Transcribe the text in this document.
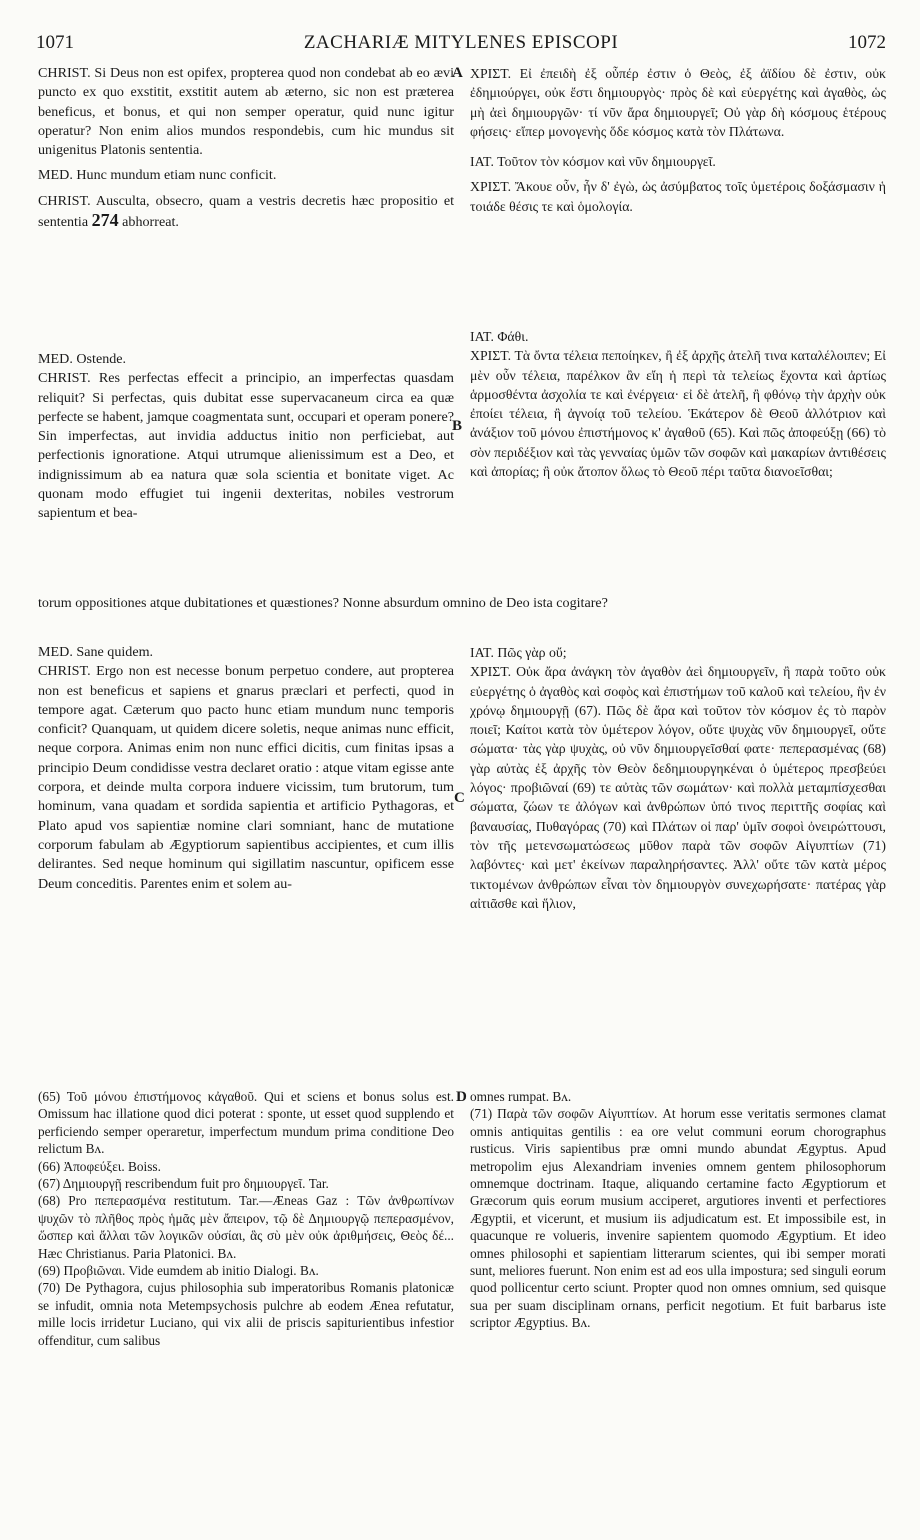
1071	ZACHARIÆ MITYLENES EPISCOPI	1072
A
B
C
D

CHRIST. Si Deus non est opifex, propterea quod non condebat ab eo ævi puncto ex quo exstitit, exstitit autem ab æterno, sic non est præterea beneficus, et bonus, et qui non semper operatur, quid nunc igitur operatur? Non enim alios mundos respondebis, cum hic mundus sit unigenitus Platonis sententia.

MED. Hunc mundum etiam nunc conficit.

CHRIST. Ausculta, obsecro, quam a vestris decretis hæc propositio et sententia 274 abhorreat.

MED. Ostende.

CHRIST. Res perfectas effecit a principio, an imperfectas quasdam reliquit? Si perfectas, quis dubitat esse supervacaneum circa ea quæ perfecte se habent, jamque coagmentata sunt, occupari et operam ponere? Sin imperfectas, aut invidia adductus initio non perficiebat, aut perfectionis ignoratione. Atqui utrumque alienissimum est a Deo, et indignissimum ab ea natura quæ sola scientia et bonitate viget. Ac quonam modo effugiet tui ingenii dexteritas, nobiles vestrorum sapientum et bea-

torum oppositiones atque dubitationes et quæstiones? Nonne absurdum omnino de Deo ista cogitare?

MED. Sane quidem.

CHRIST. Ergo non est necesse bonum perpetuo condere, aut propterea non est beneficus et sapiens et gnarus præclari et perfecti, quod in tempore agat. Cæterum quo pacto hunc etiam mundum nunc temporis conficit? Quanquam, ut quidem dicere soletis, neque animas nunc efficit, neque corpora. Animas enim non nunc effici dicitis, cum finitas ipsas a principio Deum condidisse vestra declaret oratio : atque vitam egisse ante corpora, et deinde multa corpora induere vicissim, tum brutorum, tum hominum, vana quadam et sordida sapientia et artificio Pythagoras, et Plato apud vos sapientiæ nomine clari somniant, hanc de mutatione corporum fabulam ab Ægyptiorum sapientibus accipientes, et cum illis delirantes. Sed neque hominum qui sigillatim nascuntur, opificem esse Deum conceditis. Parentes enim et solem au-

ΧΡΙΣΤ. Εἰ ἐπειδὴ ἐξ οὗπέρ ἐστιν ὁ Θεὸς, ἐξ ἀϊδίου δὲ ἐστιν, οὐκ ἐδημιούργει, οὐκ ἔστι δημιουργὸς· πρὸς δὲ καὶ εὐεργέτης καὶ ἀγαθὸς, ὡς μὴ ἀεὶ δημιουργῶν· τί νῦν ἄρα δημιουργεῖ; Οὐ γὰρ δὴ κόσμους ἑτέρους φήσεις· εἴπερ μονογενὴς ὅδε κόσμος κατὰ τὸν Πλάτωνα.

ΙΑΤ. Τοῦτον τὸν κόσμον καὶ νῦν δημιουργεῖ.

ΧΡΙΣΤ. Ἄκουε οὖν, ἦν δ' ἐγὼ, ὡς ἀσύμβατος τοῖς ὑμετέροις δοξάσμασιν ἡ τοιάδε θέσις τε καὶ ὁμολογία.

ΙΑΤ. Φάθι.

ΧΡΙΣΤ. Τὰ ὄντα τέλεια πεποίηκεν, ἢ ἐξ ἀρχῆς ἀτελῆ τινα καταλέλοιπεν; Εἰ μὲν οὖν τέλεια, παρέλκον ἂν εἴη ἡ περὶ τὰ τελείως ἔχοντα καὶ ἀρτίως ἁρμοσθέντα ἀσχολία τε καὶ ἐνέργεια· εἰ δὲ ἀτελῆ, ἢ φθόνῳ τὴν ἀρχὴν οὐκ ἐποίει τέλεια, ἢ ἀγνοίᾳ τοῦ τελείου. Ἑκάτερον δὲ Θεοῦ ἀλλότριον καὶ ἀνάξιον τοῦ μόνου ἐπιστήμονος κ' ἀγαθοῦ (65). Καὶ πῶς ἀποφεύξῃ (66) τὸ σὸν περιδέξιον καὶ τὰς γενναίας ὑμῶν τῶν σοφῶν καὶ μακαρίων ἀντιθέσεις καὶ ἀπορίας; ἢ οὐκ ἄτοπον ὅλως τὸ Θεοῦ πέρι ταῦτα διανοεῖσθαι;

ΙΑΤ. Πῶς γὰρ οὔ;

ΧΡΙΣΤ. Οὐκ ἄρα ἀνάγκη τὸν ἀγαθὸν ἀεὶ δημιουργεῖν, ἢ παρὰ τοῦτο οὐκ εὐεργέτης ὁ ἀγαθὸς καὶ σοφὸς καὶ ἐπιστήμων τοῦ καλοῦ καὶ τελείου, ἢν ἐν χρόνῳ δημιουργῇ (67). Πῶς δὲ ἄρα καὶ τοῦτον τὸν κόσμον ἐς τὸ παρὸν ποιεῖ; Καίτοι κατὰ τὸν ὑμέτερον λόγον, οὔτε ψυχὰς νῦν δημιουργεῖ, οὔτε σώματα· τὰς γὰρ ψυχὰς, οὐ νῦν δημιουργεῖσθαί φατε· πεπερασμένας (68) γὰρ αὐτὰς ἐξ ἀρχῆς τὸν Θεὸν δεδημιουργηκέναι ὁ ὑμέτερος πρεσβεύει λόγος· προβιῶναί (69) τε αὐτὰς τῶν σωμάτων· καὶ πολλὰ μεταμπίσχεσθαι σώματα, ζώων τε ἀλόγων καὶ ἀνθρώπων ὑπό τινος περιττῆς σοφίας καὶ βαναυσίας, Πυθαγόρας (70) καὶ Πλάτων οἱ παρ' ὑμῖν σοφοὶ ὀνειρώττουσι, τὸν τῆς μετενσωματώσεως μῦθον παρὰ τῶν σοφῶν Αἰγυπτίων (71) λαβόντες· καὶ μετ' ἐκείνων παραληρήσαντες. Ἀλλ' οὔτε τῶν κατὰ μέρος τικτομένων ἀνθρώπων εἶναι τὸν δημιουργὸν συνεχωρήσατε· πατέρας γὰρ αἰτιᾶσθε καὶ ἥλιον,

(65) Τοῦ μόνου ἐπιστήμονος κἀγαθοῦ. Qui et sciens et bonus solus est. Omissum hac illatione quod dici poterat : sponte, ut esset quod supplendo et perficiendo semper operaretur, imperfectum mundum prima conditione Deo relictum Bʌ.

(66) Ἀποφεύξει. Boiss.

(67) Δημιουργῇ rescribendum fuit pro δημιουργεῖ. Tar.

(68) Pro πεπερασμένα restitutum. Tar.—Æneas Gaz : Τῶν ἀνθρωπίνων ψυχῶν τὸ πλῆθος πρὸς ἡμᾶς μὲν ἄπειρον, τῷ δὲ Δημιουργῷ πεπερασμένον, ὥσπερ καὶ ἄλλαι τῶν λογικῶν οὐσίαι, ἃς σὺ μὲν οὐκ ἀριθμήσεις, Θεὸς δέ... Hæc Christianus. Paria Platonici. Bʌ.

(69) Προβιῶναι. Vide eumdem ab initio Dialogi. Bʌ.

(70) De Pythagora, cujus philosophia sub imperatoribus Romanis platonicæ se infudit, omnia nota Metempsychosis pulchre ab eodem Ænea refutatur, mille locis irridetur Luciano, qui vix alii de priscis sapiturientibus infestior offenditur, cum salibus

omnes rumpat. Bʌ.

(71) Παρὰ τῶν σοφῶν Αἰγυπτίων. At horum esse veritatis sermones clamat omnis antiquitas gentilis : ea ore velut communi eorum chorographus rusticus. Viris sapientibus præ omni mundo abundat Ægyptus. Apud metropolim ejus Alexandriam invenies omnem gentem philosophorum omnemque doctrinam. Itaque, aliquando certamine facto Ægyptiorum et Græcorum quis eorum musium acciperet, argutiores inventi et perfectiores Ægyptii, et vicerunt, et musium iis adjudicatum est. Et impossibile est, in quacunque re volueris, invenire sapientem quomodo Ægyptium. Et ideo omnes philosophi et sapientiam litterarum scientes, qui ibi semper morati sunt, meliores fuerunt. Non enim est ad eos ulla impostura; sed singuli eorum quod pollicentur certo sciunt. Propter quod non omnes omnium, sed quisque sua per suam disciplinam ornans, perficit negotium. Et fuit barbarus iste scriptor Ægyptius. Bʌ.
